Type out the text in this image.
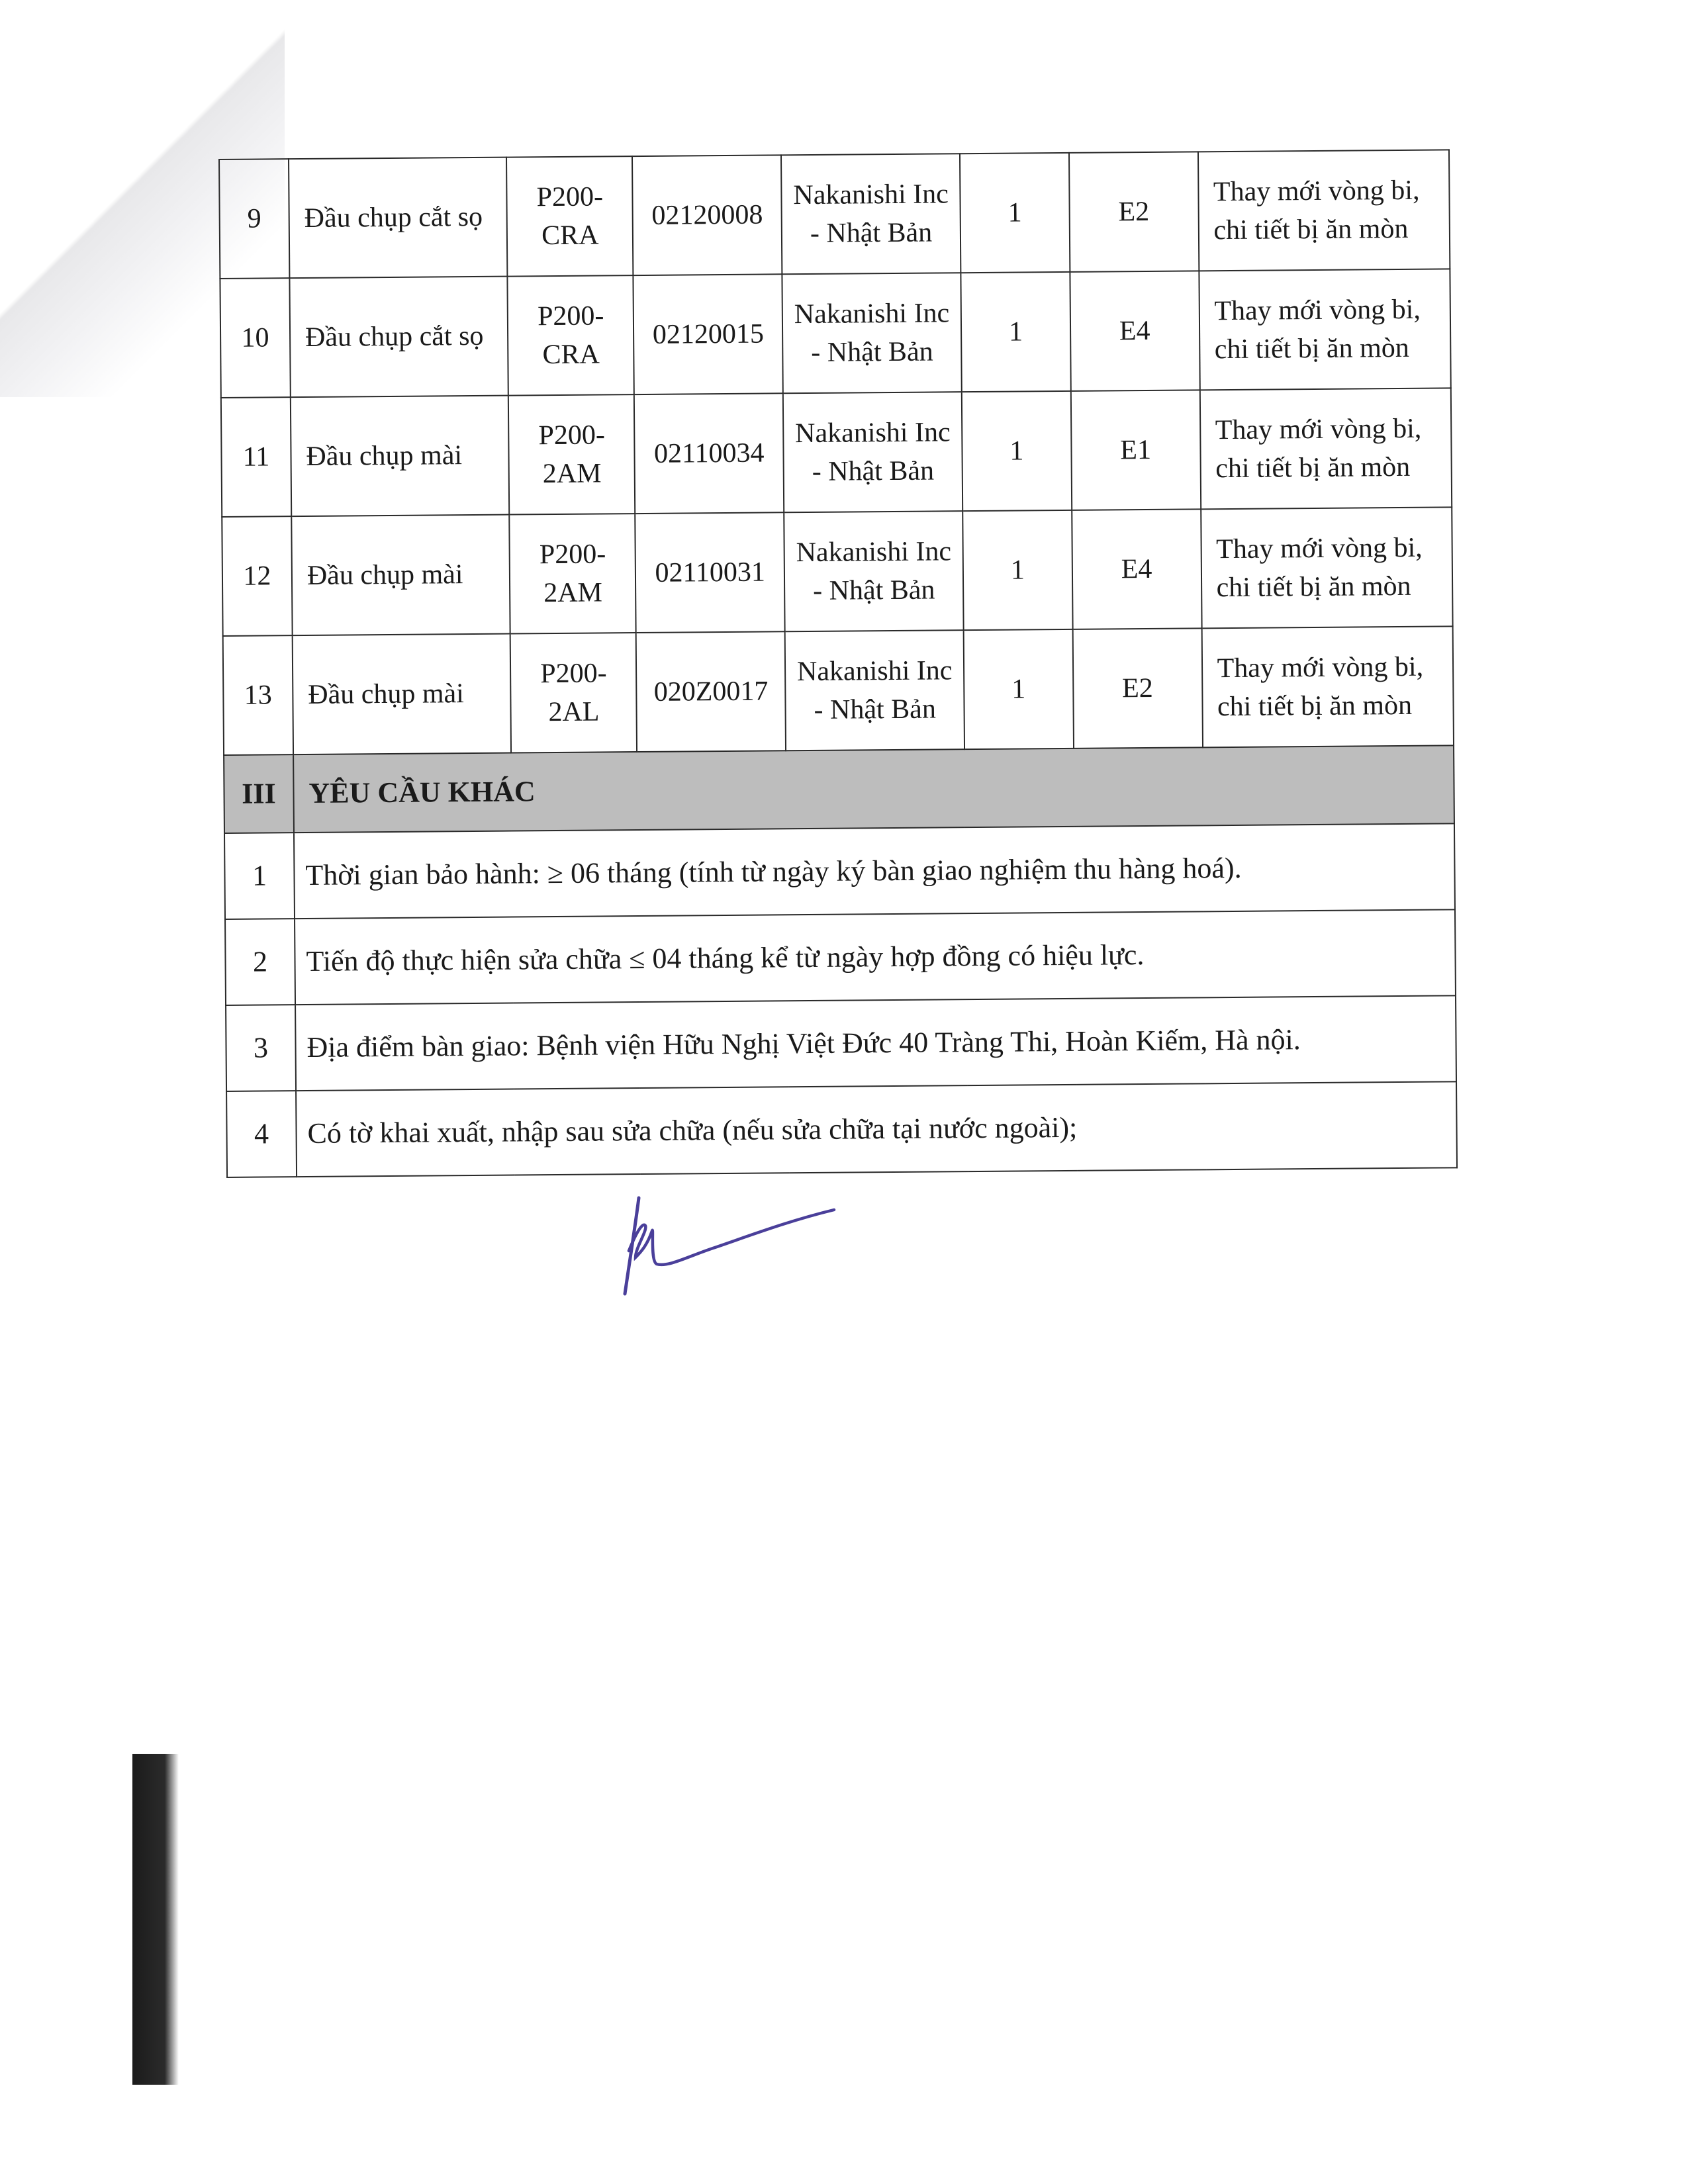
9	Đầu chụp cắt sọ	P200-CRA	02120008	Nakanishi Inc - Nhật Bản	1	E2	Thay mới vòng bi, chi tiết bị ăn mòn
10	Đầu chụp cắt sọ	P200-CRA	02120015	Nakanishi Inc - Nhật Bản	1	E4	Thay mới vòng bi, chi tiết bị ăn mòn
11	Đầu chụp mài	P200-2AM	02110034	Nakanishi Inc - Nhật Bản	1	E1	Thay mới vòng bi, chi tiết bị ăn mòn
12	Đầu chụp mài	P200-2AM	02110031	Nakanishi Inc - Nhật Bản	1	E4	Thay mới vòng bi, chi tiết bị ăn mòn
13	Đầu chụp mài	P200-2AL	020Z0017	Nakanishi Inc - Nhật Bản	1	E2	Thay mới vòng bi, chi tiết bị ăn mòn
III	YÊU CẦU KHÁC						
1	Thời gian bảo hành: ≥ 06 tháng (tính từ ngày ký bàn giao nghiệm thu hàng hoá).						
2	Tiến độ thực hiện sửa chữa ≤ 04 tháng kể từ ngày hợp đồng có hiệu lực.						
3	Địa điểm bàn giao: Bệnh viện Hữu Nghị Việt Đức 40 Tràng Thi, Hoàn Kiếm, Hà nội.						
4	Có tờ khai xuất, nhập sau sửa chữa (nếu sửa chữa tại nước ngoài);						
